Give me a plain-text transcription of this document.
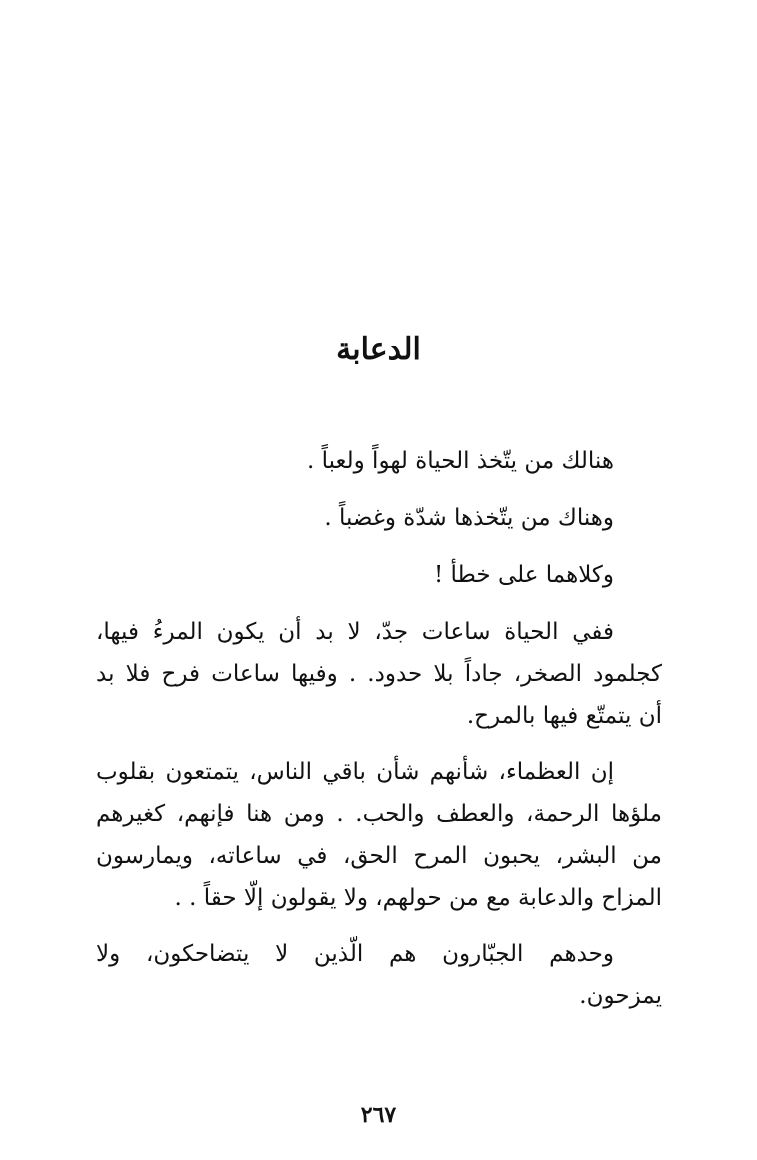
الدعابة

هنالك من يتّخذ الحياة لهواً ولعباً .

وهناك من يتّخذها شدّة وغضباً .

وكلاهما على خطأ !

ففي الحياة ساعات جدّ، لا بد أن يكون المرءُ فيها،

كجلمود الصخر، جاداً بلا حدود. . وفيها ساعات فرح فلا بد

أن يتمتّع فيها بالمرح.

إن العظماء، شأنهم شأن باقي الناس، يتمتعون بقلوب

ملؤها الرحمة، والعطف والحب. . ومن هنا فإنهم، كغيرهم

من البشر، يحبون المرح الحق، في ساعاته، ويمارسون

المزاح والدعابة مع من حولهم، ولا يقولون إلّا حقاً . .

وحدهم الجبّارون هم الّذين لا يتضاحكون، ولا

يمزحون.

٢٦٧
